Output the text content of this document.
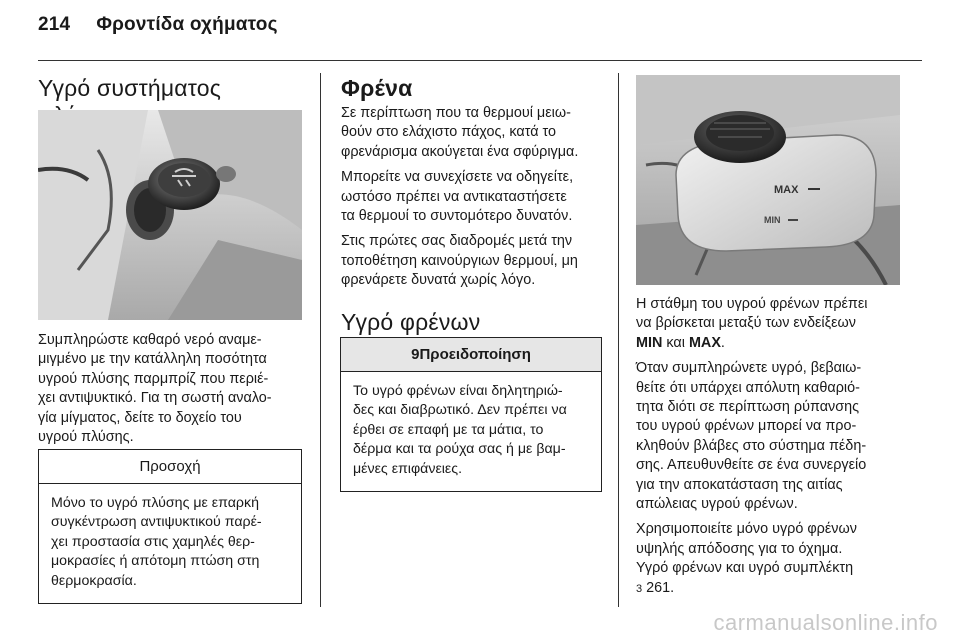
214 Φροντίδα οχήματος
Υγρό συστήματος

Συμπληρώστε καθαρό νερό αναμε-
μιγμένο με την κατάλληλη ποσότητα
υγρού πλύσης παρμπρίζ που περιέ-
χει αντιψυκτικό. Για τη σωστή αναλο-
γία μίγματος, δείτε το δοχείο του
υγρού πλύσης.

Προσοχή
Μόνο το υγρό πλύσης με επαρκή
συγκέντρωση αντιψυκτικού παρέ-
χει προστασία στις χαμηλές θερ-
μοκρασίες ή απότομη πτώση στη
θερμοκρασία.
Φρένα

Σε περίπτωση που τα θερμουί μειω-
θούν στο ελάχιστο πάχος, κατά το
φρενάρισμα ακούγεται ένα σφύριγμα.

Μπορείτε να συνεχίσετε να οδηγείτε,
ωστόσο πρέπει να αντικαταστήσετε
τα θερμουί το συντομότερο δυνατόν.

Στις πρώτες σας διαδρομές μετά την
τοποθέτηση καινούργιων θερμουί, μη
φρενάρετε δυνατά χωρίς λόγο.

Υγρό φρένων
9Προειδοποίηση
Το υγρό φρένων είναι δηλητηριώ-
δες και διαβρωτικό. Δεν πρέπει να
έρθει σε επαφή με τα μάτια, το
δέρμα και τα ρούχα σας ή με βαμ-
μένες επιφάνειες.
MAX
MIN

Η στάθμη του υγρού φρένων πρέπει
να βρίσκεται μεταξύ των ενδείξεων
MIN και MAX.

Όταν συμπληρώνετε υγρό, βεβαιω-
θείτε ότι υπάρχει απόλυτη καθαριό-
τητα διότι σε περίπτωση ρύπανσης
του υγρού φρένων μπορεί να προ-
κληθούν βλάβες στο σύστημα πέδη-
σης. Απευθυνθείτε σε ένα συνεργείο
για την αποκατάσταση της αιτίας
απώλειας υγρού φρένων.

Χρησιμοποιείτε μόνο υγρό φρένων
υψηλής απόδοσης για το όχημα.
Υγρό φρένων και υγρό συμπλέκτη
3 261.

carmanualsonline.info
